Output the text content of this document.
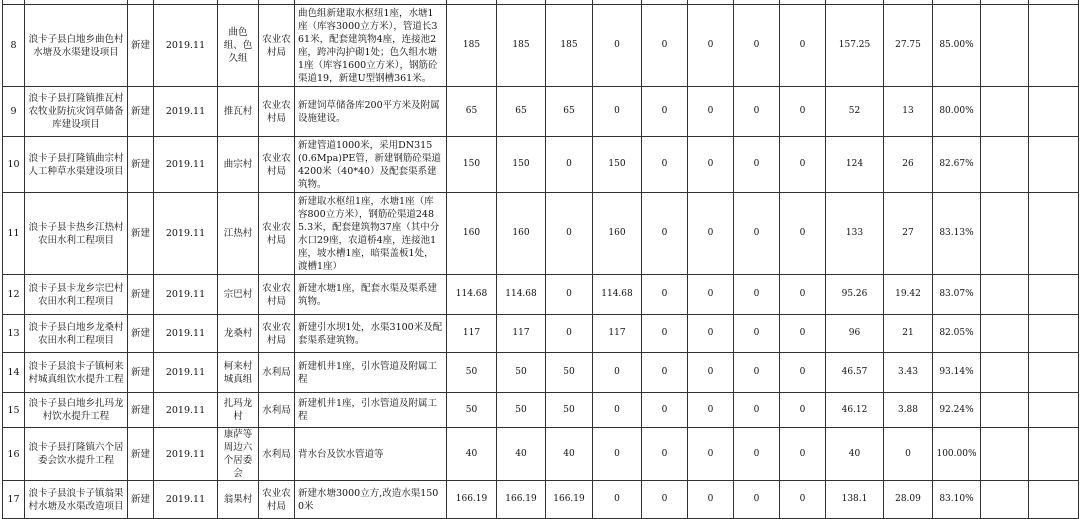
8	浪卡子县白地乡曲色村水塘及水渠建设项目	新建	2019.11	曲色组、色久组	农业农村局	曲色组新建取水枢纽1座，水塘1座（库容3000立方米），管道长361米，配套建筑物4座，连接池2座，跨冲沟护砌1处；色久组水塘1座（库容1600立方米），钢筋砼渠道19，新建U型钢槽361米。	185	185	185	0	0	0	0	0	157.25	27.75	85.00%		
9	浪卡子县打隆镇推瓦村农牧业防抗灾饲草储备库建设项目	新建	2019.11	推瓦村	农业农村局	新建饲草储备库200平方米及附属设施建设。	65	65	65	0	0	0	0	0	52	13	80.00%		
10	浪卡子县打隆镇曲宗村人工种草水渠建设项目	新建	2019.11	曲宗村	农业农村局	新建管道1000米，采用DN315(0.6Mpa)PE管，新建钢筋砼渠道4200米（40*40）及配套渠系建筑物。	150	150	0	150	0	0	0	0	124	26	82.67%		
11	浪卡子县卡热乡江热村农田水利工程项目	新建	2019.11	江热村	农业农村局	新建取水枢纽1座，水塘1座（库容800立方米），钢筋砼渠道2485.3米，配套建筑物37座（其中分水口29座，农道桥4座，连接池1座，坡水槽1座，暗渠盖板1处，渡槽1座）	160	160	0	160	0	0	0	0	133	27	83.13%		
12	浪卡子县卡龙乡宗巴村农田水利工程项目	新建	2019.11	宗巴村	农业农村局	新建水塘1座，配套水渠及渠系建筑物。	114.68	114.68	0	114.68	0	0	0	0	95.26	19.42	83.07%		
13	浪卡子县白地乡龙桑村农田水利工程项目	新建	2019.11	龙桑村	农业农村局	新建引水坝1处，水渠3100米及配套渠系建筑物。	117	117	0	117	0	0	0	0	96	21	82.05%		
14	浪卡子县浪卡子镇柯来村城真组饮水提升工程	新建	2019.11	柯来村城真组	水利局	新建机井1座，引水管道及附属工程	50	50	50	0	0	0	0	0	46.57	3.43	93.14%		
15	浪卡子县白地乡扎玛龙村饮水提升工程	新建	2019.11	扎玛龙村	水利局	新建机井1座，引水管道及附属工程	50	50	50	0	0	0	0	0	46.12	3.88	92.24%		
16	浪卡子县打隆镇六个居委会饮水提升工程	新建	2019.11	康萨等周边六个居委会	水利局	背水台及饮水管道等	40	40	40	0	0	0	0	0	40	0	100.00%		
17	浪卡子县浪卡子镇翁果村水塘及水渠改造项目	新建	2019.11	翁果村	农业农村局	新建水塘3000立方,改造水渠1500米	166.19	166.19	166.19	0	0	0	0	0	138.1	28.09	83.10%		
